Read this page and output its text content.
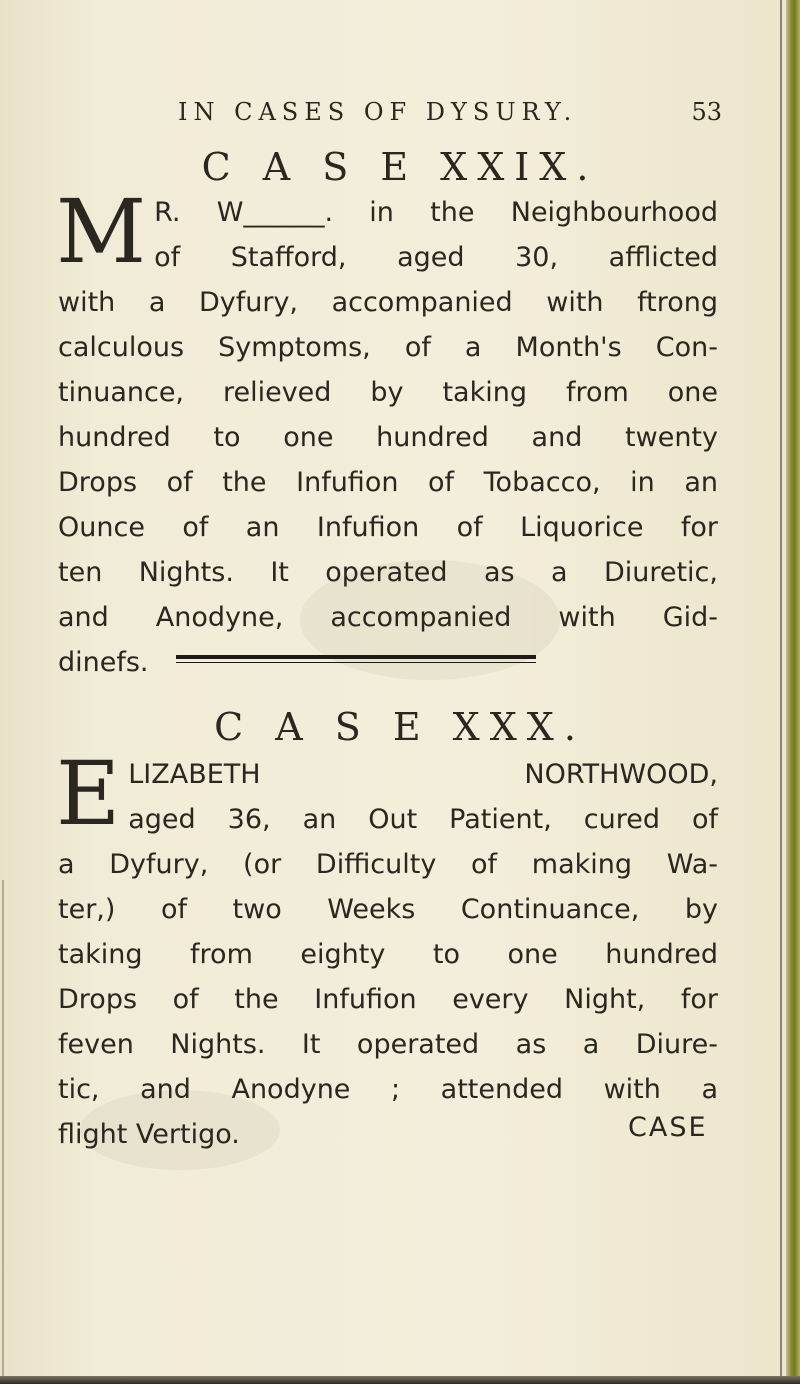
IN CASES OF DYSURY.	53
C A S E XXIX.
M R. W______. in the Neighbourhood
of Stafford, aged 30, afflicted
with a Dyfury, accompanied with ftrong
calculous Symptoms, of a Month's Con-
tinuance, relieved by taking from one
hundred to one hundred and twenty
Drops of the Infufion of Tobacco, in an
Ounce of an Infufion of Liquorice for
ten Nights. It operated as a Diuretic,
and Anodyne, accompanied with Gid-
dinefs.
C A S E XXX.
E LIZABETH NORTHWOOD,
aged 36, an Out Patient, cured of
a Dyfury, (or Difficulty of making Wa-
ter,) of two Weeks Continuance, by
taking from eighty to one hundred
Drops of the Infufion every Night, for
feven Nights. It operated as a Diure-
tic, and Anodyne ; attended with a
flight Vertigo.	CASE
